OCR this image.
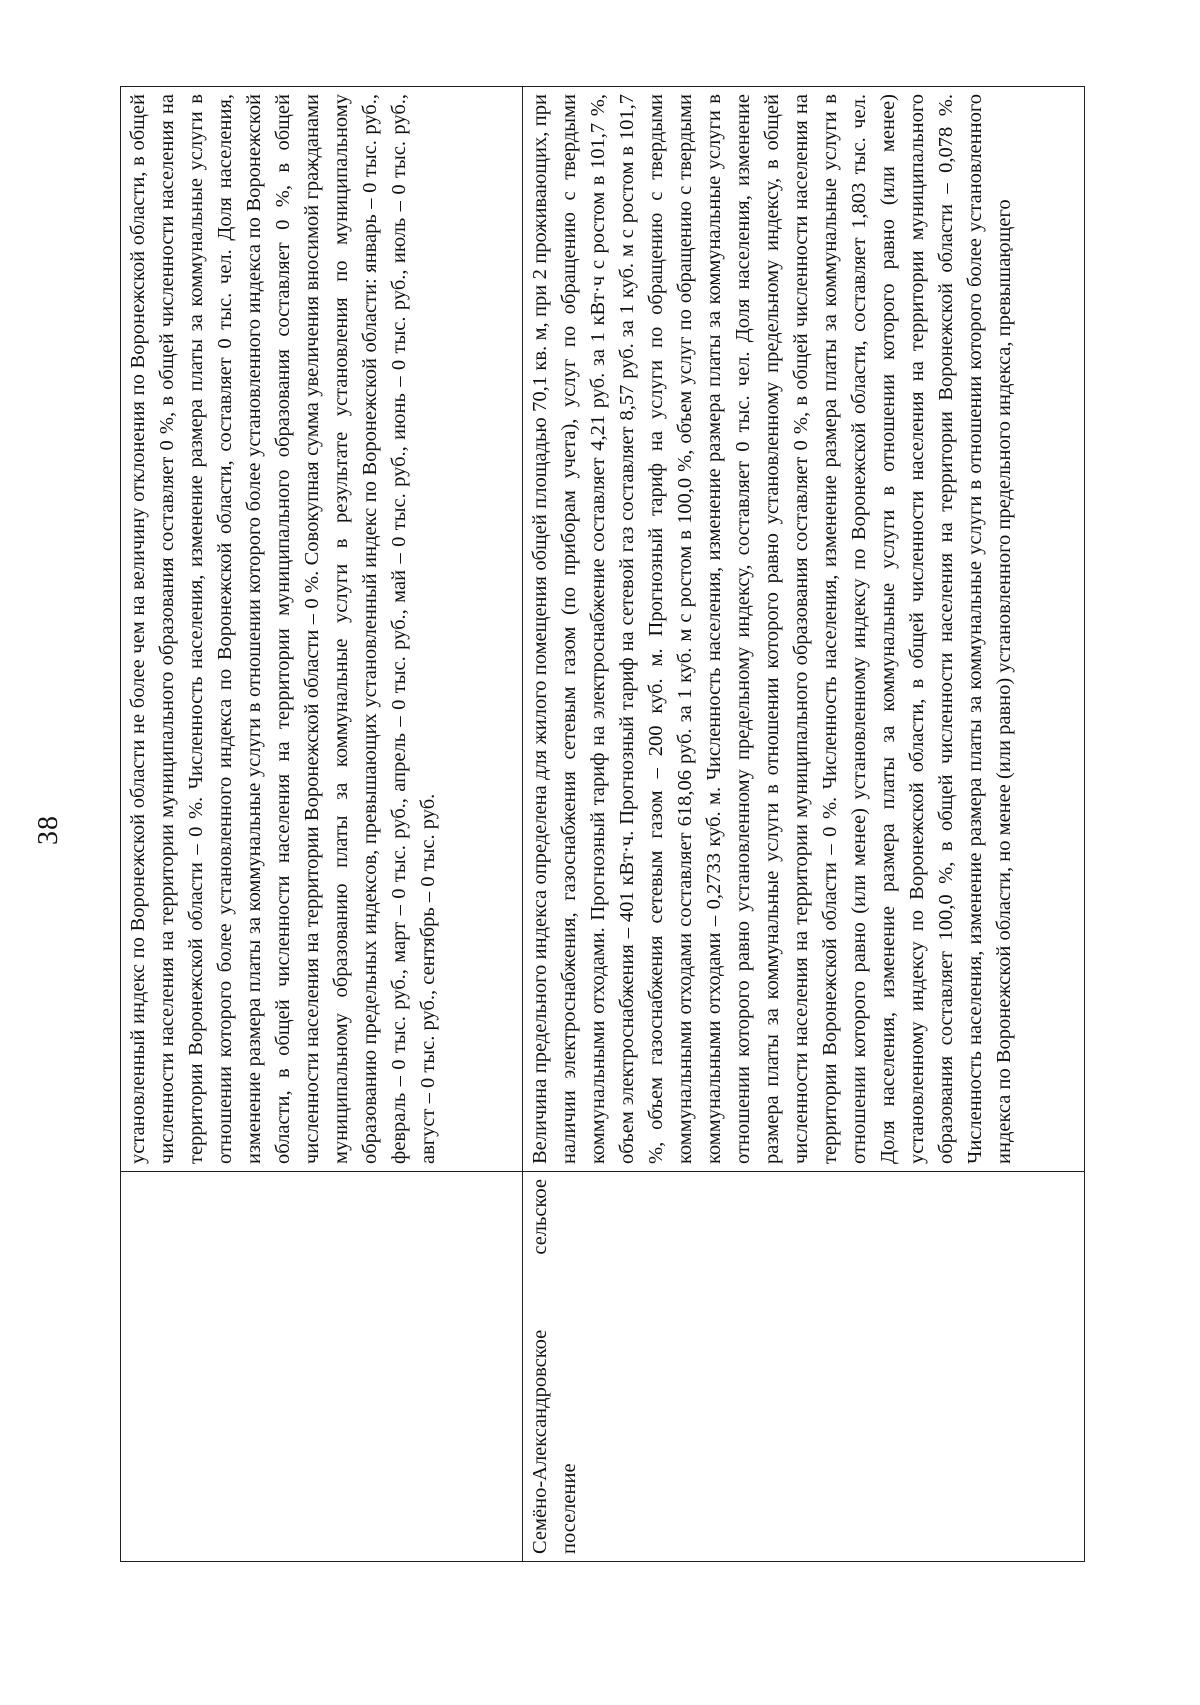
38
		установленный индекс по Воронежской области не более чем на величину отклонения по Воронежской области, в общей численности населения на территории муниципального образования составляет 0 %, в общей численности населения на территории Воронежской области – 0 %. Численность населения, изменение размера платы за коммунальные услуги в отношении которого более установленного индекса по Воронежской области, составляет 0 тыс. чел. Доля населения, изменение размера платы за коммунальные услуги в отношении которого более установленного индекса по Воронежской области, в общей численности населения на территории муниципального образования составляет 0 %, в общей численности населения на территории Воронежской области – 0 %. Совокупная сумма увеличения вносимой гражданами муниципальному образованию платы за коммунальные услуги в результате установления по муниципальному образованию предельных индексов, превышающих установленный индекс по Воронежской области: январь – 0 тыс. руб., февраль – 0 тыс. руб., март – 0 тыс. руб., апрель – 0 тыс. руб., май – 0 тыс. руб., июнь – 0 тыс. руб., июль – 0 тыс. руб., август – 0 тыс. руб., сентябрь – 0 тыс. руб.
Семёно-Александровское сельское поселение	Величина предельного индекса определена для жилого помещения общей площадью 70,1 кв. м, при 2 проживающих, при наличии электроснабжения, газоснабжения сетевым газом (по приборам учета), услуг по обращению с твердыми коммунальными отходами. Прогнозный тариф на электроснабжение составляет 4,21 руб. за 1 кВт·ч с ростом в 101,7 %, объем электроснабжения – 401 кВт·ч. Прогнозный тариф на сетевой газ составляет 8,57 руб. за 1 куб. м с ростом в 101,7 %, объем газоснабжения сетевым газом – 200 куб. м. Прогнозный тариф на услуги по обращению с твердыми коммунальными отходами составляет 618,06 руб. за 1 куб. м с ростом в 100,0 %, объем услуг по обращению с твердыми коммунальными отходами – 0,2733 куб. м. Численность населения, изменение размера платы за коммунальные услуги в отношении которого равно установленному предельному индексу, составляет 0 тыс. чел. Доля населения, изменение размера платы за коммунальные услуги в отношении которого равно установленному предельному индексу, в общей численности населения на территории муниципального образования составляет 0 %, в общей численности населения на территории Воронежской области – 0 %. Численность населения, изменение размера платы за коммунальные услуги в отношении которого равно (или менее) установленному индексу по Воронежской области, составляет 1,803 тыс. чел. Доля населения, изменение размера платы за коммунальные услуги в отношении которого равно (или менее) установленному индексу по Воронежской области, в общей численности населения на территории муниципального образования составляет 100,0 %, в общей численности населения на территории Воронежской области – 0,078 %. Численность населения, изменение размера платы за коммунальные услуги в отношении которого более установленного индекса по Воронежской области, но менее (или равно) установленного предельного индекса, превышающего
